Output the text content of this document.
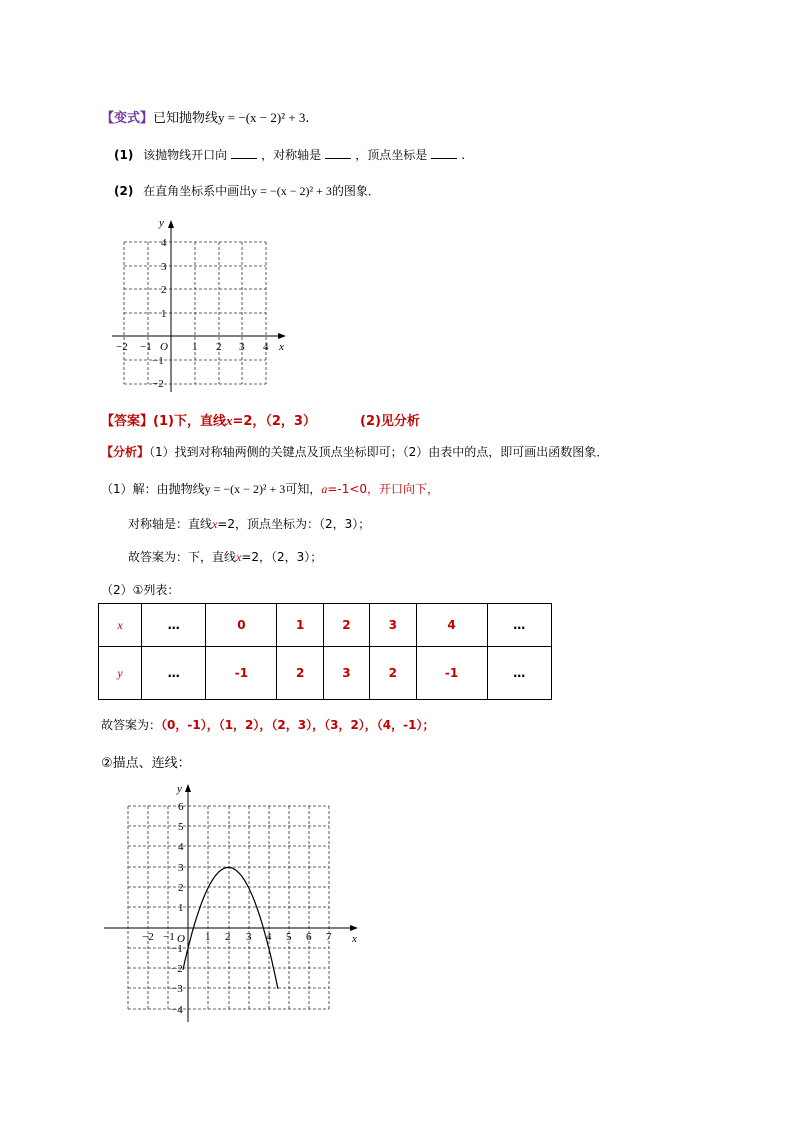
【变式】已知抛物线y = −(x − 2)² + 3.
(1) 该抛物线开口向	，对称轴是	，顶点坐标是	.
(2) 在直角坐标系中画出y = −(x − 2)² + 3的图象．
x
y
O
−2 −1	1 2 3 4
4
3
2
1
−1
−2
【答案】(1)下，直线x=2，（2，3）	(2)见分析
【分析】（1）找到对称轴两侧的关键点及顶点坐标即可；（2）由表中的点，即可画出函数图象．
（1）解：由抛物线y = −(x − 2)² + 3可知，a=-1<0，开口向下，
对称轴是：直线x=2，顶点坐标为：（2，3）；
故答案为：下，直线x=2，（2，3）；
（2）①列表：
x	…	0	1	2	3	4	…
y	…	-1	2	3	2	-1	…
故答案为：（0，-1），（1，2），（2，3），（3，2），（4，-1）；
②描点、连线：
x
y
O
−2 −1	1 2 3 4 5 6 7
6
5
4
3
2
1
−1
−2
−3
−4
